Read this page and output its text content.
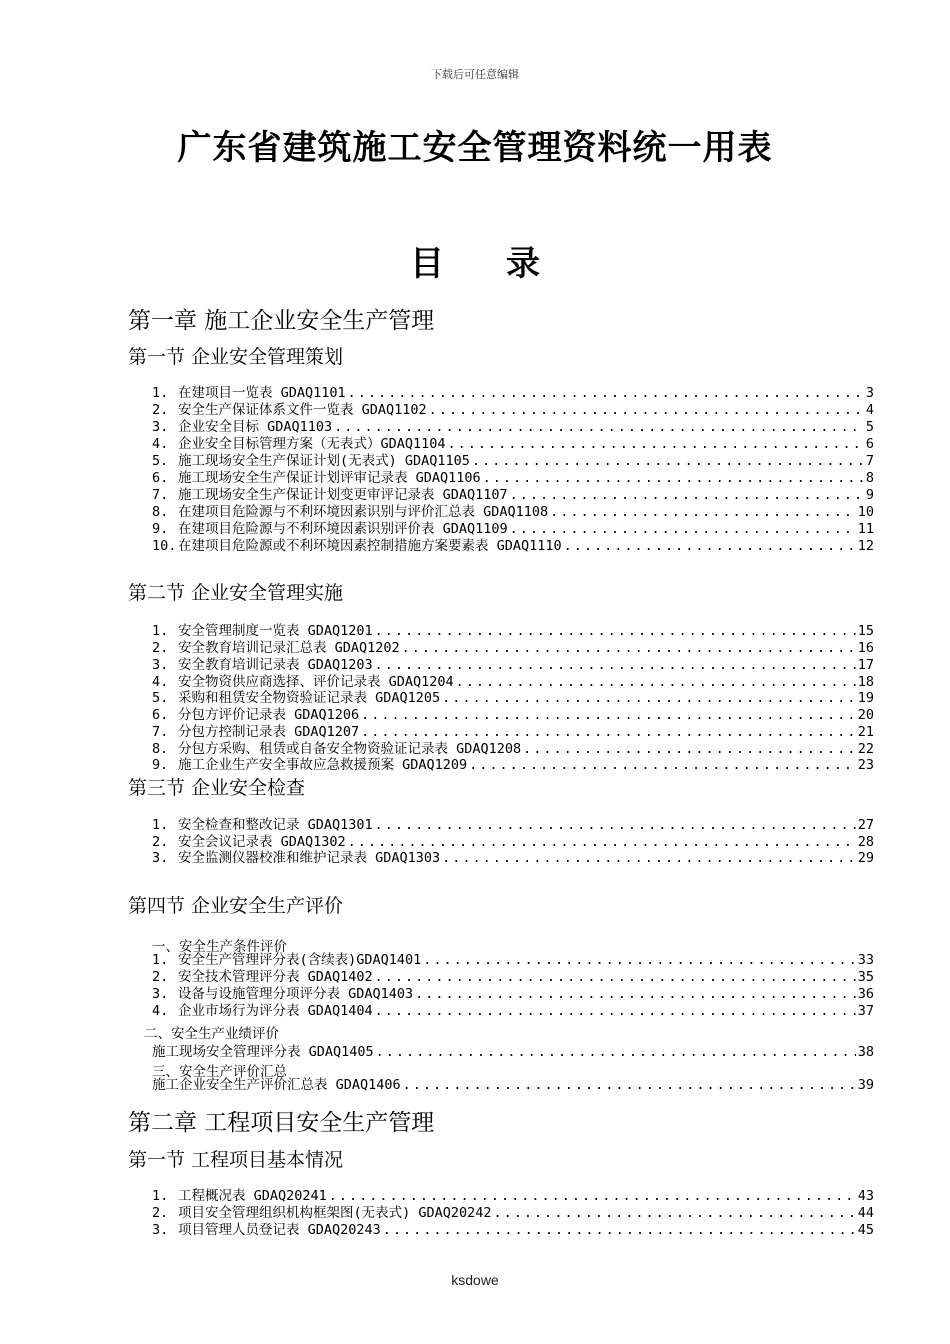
下载后可任意编辑
广东省建筑施工安全管理资料统一用表
目 录
第一章 施工企业安全生产管理
第一节 企业安全管理策划
1. 在建项目一览表 GDAQ1101 .....	3
2. 安全生产保证体系文件一览表 GDAQ1102 .....	4
3. 企业安全目标 GDAQ1103 .....	5
4. 企业安全目标管理方案（无表式）GDAQ1104 .....	6
5. 施工现场安全生产保证计划(无表式) GDAQ1105 .....	7
6. 施工现场安全生产保证计划评审记录表 GDAQ1106 .....	8
7. 施工现场安全生产保证计划变更审评记录表 GDAQ1107 .....	9
8. 在建项目危险源与不利环境因素识别与评价汇总表 GDAQ1108 .....	10
9. 在建项目危险源与不利环境因素识别评价表 GDAQ1109 .....	11
10. 在建项目危险源或不利环境因素控制措施方案要素表 GDAQ1110 .....	12
第二节 企业安全管理实施
1. 安全管理制度一览表 GDAQ1201 .....	15
2. 安全教育培训记录汇总表 GDAQ1202 .....	16
3. 安全教育培训记录表 GDAQ1203 .....	17
4. 安全物资供应商选择、评价记录表 GDAQ1204 .....	18
5. 采购和租赁安全物资验证记录表 GDAQ1205 .....	19
6. 分包方评价记录表 GDAQ1206 .....	20
7. 分包方控制记录表 GDAQ1207 .....	21
8. 分包方采购、租赁或自备安全物资验证记录表 GDAQ1208 .....	22
9. 施工企业生产安全事故应急救援预案 GDAQ1209 .....	23
第三节 企业安全检查
1. 安全检查和整改记录 GDAQ1301 .....	27
2. 安全会议记录表 GDAQ1302 .....	28
3. 安全监测仪器校准和维护记录表 GDAQ1303 .....	29
第四节 企业安全生产评价
一、安全生产条件评价
1. 安全生产管理评分表(含续表)GDAQ1401 .....	33
2. 安全技术管理评分表 GDAQ1402 .....	35
3. 设备与设施管理分项评分表 GDAQ1403 .....	36
4. 企业市场行为评分表 GDAQ1404 .....	37
二、安全生产业绩评价
施工现场安全管理评分表 GDAQ1405 .....	38
三、安全生产评价汇总
施工企业安全生产评价汇总表 GDAQ1406 .....	39
第二章 工程项目安全生产管理
第一节 工程项目基本情况
1. 工程概况表 GDAQ20241 .....	43
2. 项目安全管理组织机构框架图(无表式) GDAQ20242 .....	44
3. 项目管理人员登记表 GDAQ20243 .....	45
ksdowe
